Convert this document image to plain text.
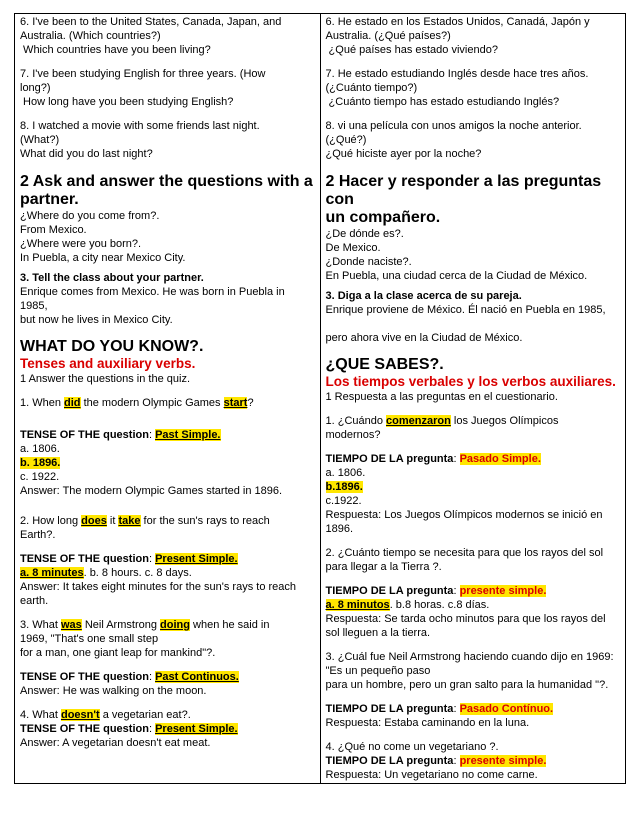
6. I've been to the United States, Canada, Japan, and

Australia. (Which countries?)

Which countries have you been living?

7. I've been studying English for three years. (How

long?)

How long have you been studying English?

8. I watched a movie with some friends last night.

(What?)

What did you do last night?

2 Ask and answer the questions with a

partner.

¿Where do you come from?.

From Mexico.

¿Where were you born?.

In Puebla, a city near Mexico City.

3. Tell the class about your partner.

Enrique comes from Mexico. He was born in Puebla in

1985,

but now he lives in Mexico City.

WHAT DO YOU KNOW?.

Tenses and auxiliary verbs.

1 Answer the questions in the quiz.

1. When did the modern Olympic Games start?

TENSE OF THE question: Past Simple.

a. 1806.

b. 1896.

c. 1922.

Answer: The modern Olympic Games started in 1896.

2. How long does it take for the sun's rays to reach

Earth?.

TENSE OF THE question: Present Simple.

a. 8 minutes. b. 8 hours. c. 8 days.

Answer: It takes eight minutes for the sun's rays to reach

earth.

3. What was Neil Armstrong doing when he said in

1969, "That's one small step

for a man, one giant leap for mankind"?.

TENSE OF THE question: Past Continuos.

Answer: He was walking on the moon.

4. What doesn't a vegetarian eat?.

TENSE OF THE question: Present Simple.

Answer: A vegetarian doesn't eat meat.

6. He estado en los Estados Unidos, Canadá, Japón y

Australia. (¿Qué países?)

¿Qué países has estado viviendo?

7. He estado estudiando Inglés desde hace tres años.

(¿Cuánto tiempo?)

¿Cuánto tiempo has estado estudiando Inglés?

8. vi una película con unos amigos la noche anterior.

(¿Qué?)

¿Qué hiciste ayer por la noche?

2 Hacer y responder a las preguntas con

un compañero.

¿De dónde es?.

De Mexico.

¿Donde naciste?.

En Puebla, una ciudad cerca de la Ciudad de México.

3. Diga a la clase acerca de su pareja.

Enrique proviene de México. Él nació en Puebla en 1985,

pero ahora vive en la Ciudad de México.

¿QUE SABES?.

Los tiempos verbales y los verbos auxiliares.

1 Respuesta a las preguntas en el cuestionario.

1. ¿Cuándo comenzaron los Juegos Olímpicos

modernos?

TIEMPO DE LA pregunta: Pasado Simple.

a. 1806.

b.1896.

c.1922.

Respuesta: Los Juegos Olímpicos modernos se inició en

1896.

2. ¿Cuánto tiempo se necesita para que los rayos del sol

para llegar a la Tierra ?.

TIEMPO DE LA pregunta: presente simple.

a. 8 minutos. b.8 horas. c.8 días.

Respuesta: Se tarda ocho minutos para que los rayos del

sol lleguen a la tierra.

3. ¿Cuál fue Neil Armstrong haciendo cuando dijo en 1969:

"Es un pequeño paso

para un hombre, pero un gran salto para la humanidad "?.

TIEMPO DE LA pregunta: Pasado Contínuo.

Respuesta: Estaba caminando en la luna.

4. ¿Qué no come un vegetariano ?.

TIEMPO DE LA pregunta: presente simple.

Respuesta: Un vegetariano no come carne.
